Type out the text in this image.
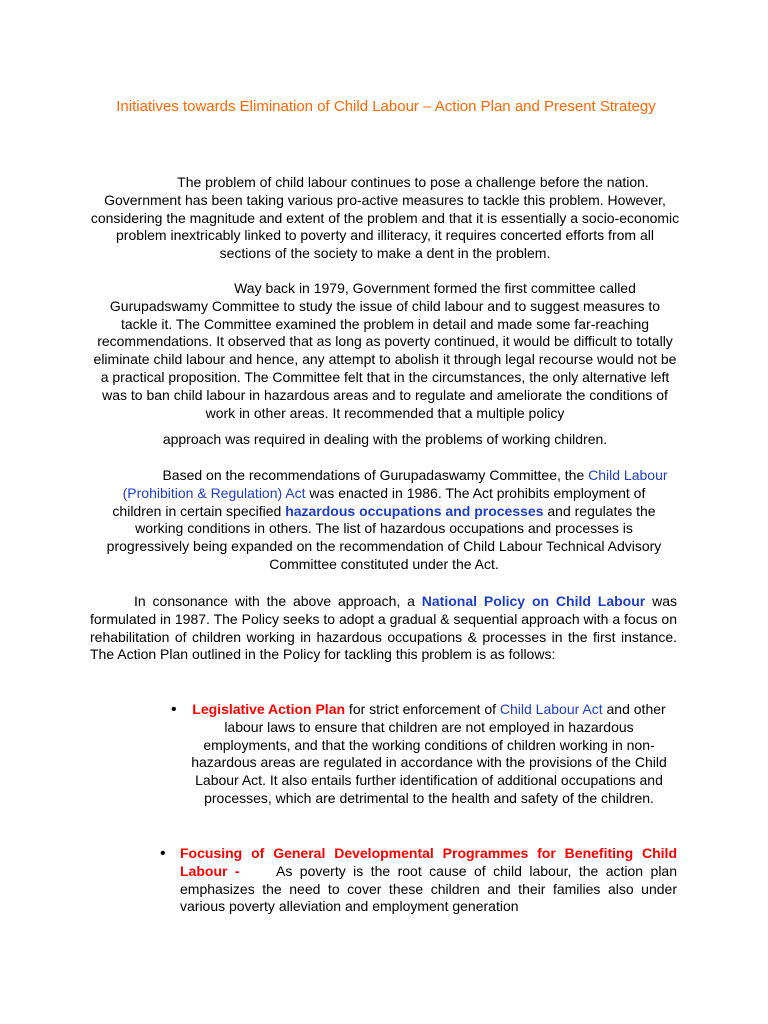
Initiatives towards Elimination of Child Labour – Action Plan and Present Strategy

The problem of child labour continues to pose a challenge before the nation. Government has been taking various pro-active measures to tackle this problem. However, considering the magnitude and extent of the problem and that it is essentially a socio-economic problem inextricably linked to poverty and illiteracy, it requires concerted efforts from all sections of the society to make a dent in the problem.

Way back in 1979, Government formed the first committee called Gurupadswamy Committee to study the issue of child labour and to suggest measures to tackle it. The Committee examined the problem in detail and made some far-reaching recommendations. It observed that as long as poverty continued, it would be difficult to totally eliminate child labour and hence, any attempt to abolish it through legal recourse would not be a practical proposition. The Committee felt that in the circumstances, the only alternative left was to ban child labour in hazardous areas and to regulate and ameliorate the conditions of work in other areas. It recommended that a multiple policy

approach was required in dealing with the problems of working children.

Based on the recommendations of Gurupadaswamy Committee, the Child Labour (Prohibition & Regulation) Act was enacted in 1986. The Act prohibits employment of children in certain specified hazardous occupations and processes and regulates the working conditions in others. The list of hazardous occupations and processes is progressively being expanded on the recommendation of Child Labour Technical Advisory Committee constituted under the Act.

In consonance with the above approach, a National Policy on Child Labour was formulated in 1987. The Policy seeks to adopt a gradual & sequential approach with a focus on rehabilitation of children working in hazardous occupations & processes in the first instance. The Action Plan outlined in the Policy for tackling this problem is as follows:

•	Legislative Action Plan for strict enforcement of Child Labour Act and other labour laws to ensure that children are not employed in hazardous employments, and that the working conditions of children working in non-hazardous areas are regulated in accordance with the provisions of the Child Labour Act. It also entails further identification of additional occupations and processes, which are detrimental to the health and safety of the children.

• Focusing of General Developmental Programmes for Benefiting Child Labour -     As poverty is the root cause of child labour, the action plan emphasizes the need to cover these children and their families also under various poverty alleviation and employment generation
